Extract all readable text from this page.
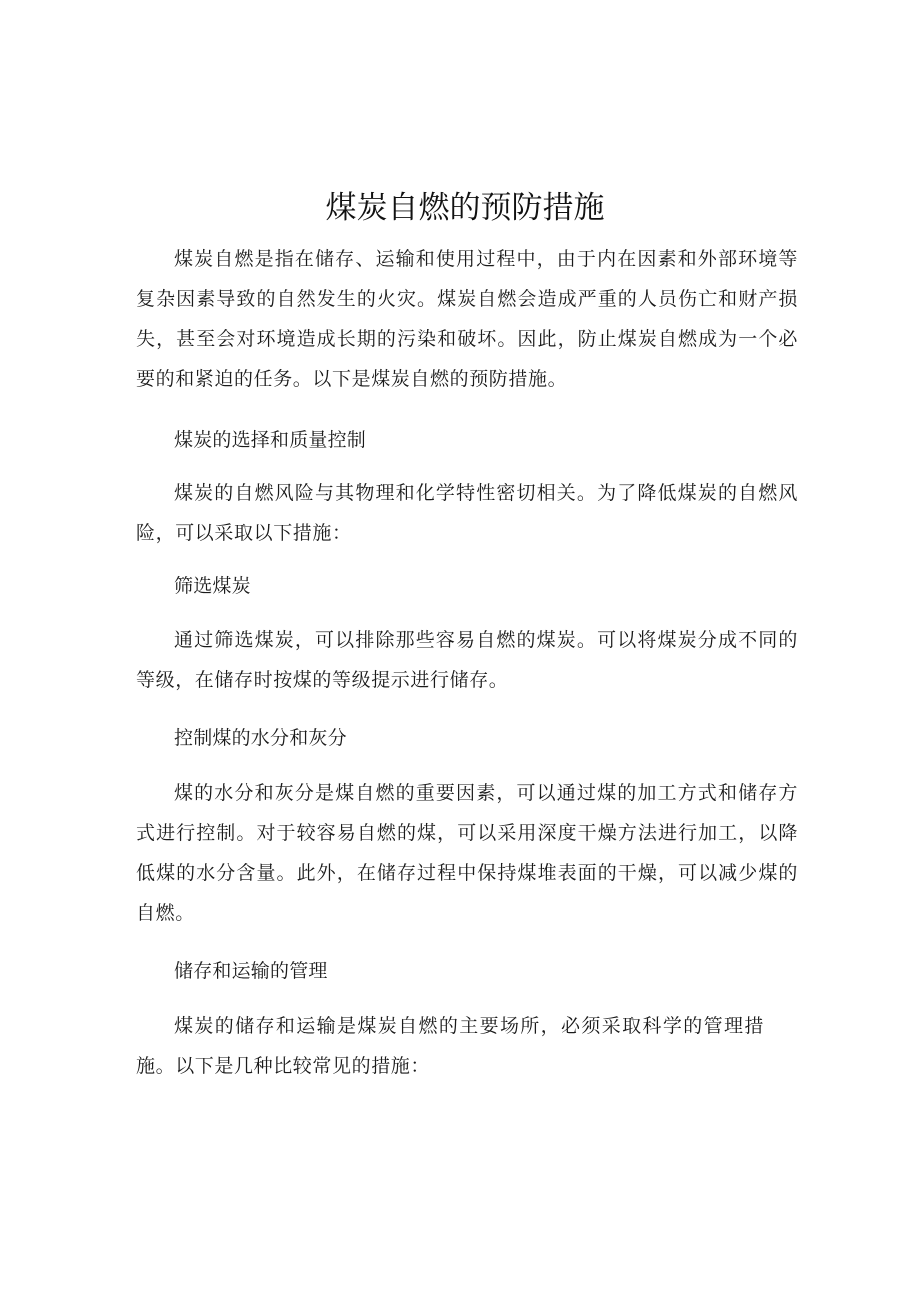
煤炭自燃的预防措施

煤炭自燃是指在储存、运输和使用过程中，由于内在因素和外部环境等复杂因素导致的自然发生的火灾。煤炭自燃会造成严重的人员伤亡和财产损失，甚至会对环境造成长期的污染和破坏。因此，防止煤炭自燃成为一个必要的和紧迫的任务。以下是煤炭自燃的预防措施。

煤炭的选择和质量控制

煤炭的自燃风险与其物理和化学特性密切相关。为了降低煤炭的自燃风险，可以采取以下措施：

筛选煤炭

通过筛选煤炭，可以排除那些容易自燃的煤炭。可以将煤炭分成不同的等级，在储存时按煤的等级提示进行储存。

控制煤的水分和灰分

煤的水分和灰分是煤自燃的重要因素，可以通过煤的加工方式和储存方式进行控制。对于较容易自燃的煤，可以采用深度干燥方法进行加工，以降低煤的水分含量。此外，在储存过程中保持煤堆表面的干燥，可以减少煤的自燃。

储存和运输的管理

煤炭的储存和运输是煤炭自燃的主要场所，必须采取科学的管理措施。以下是几种比较常见的措施：
